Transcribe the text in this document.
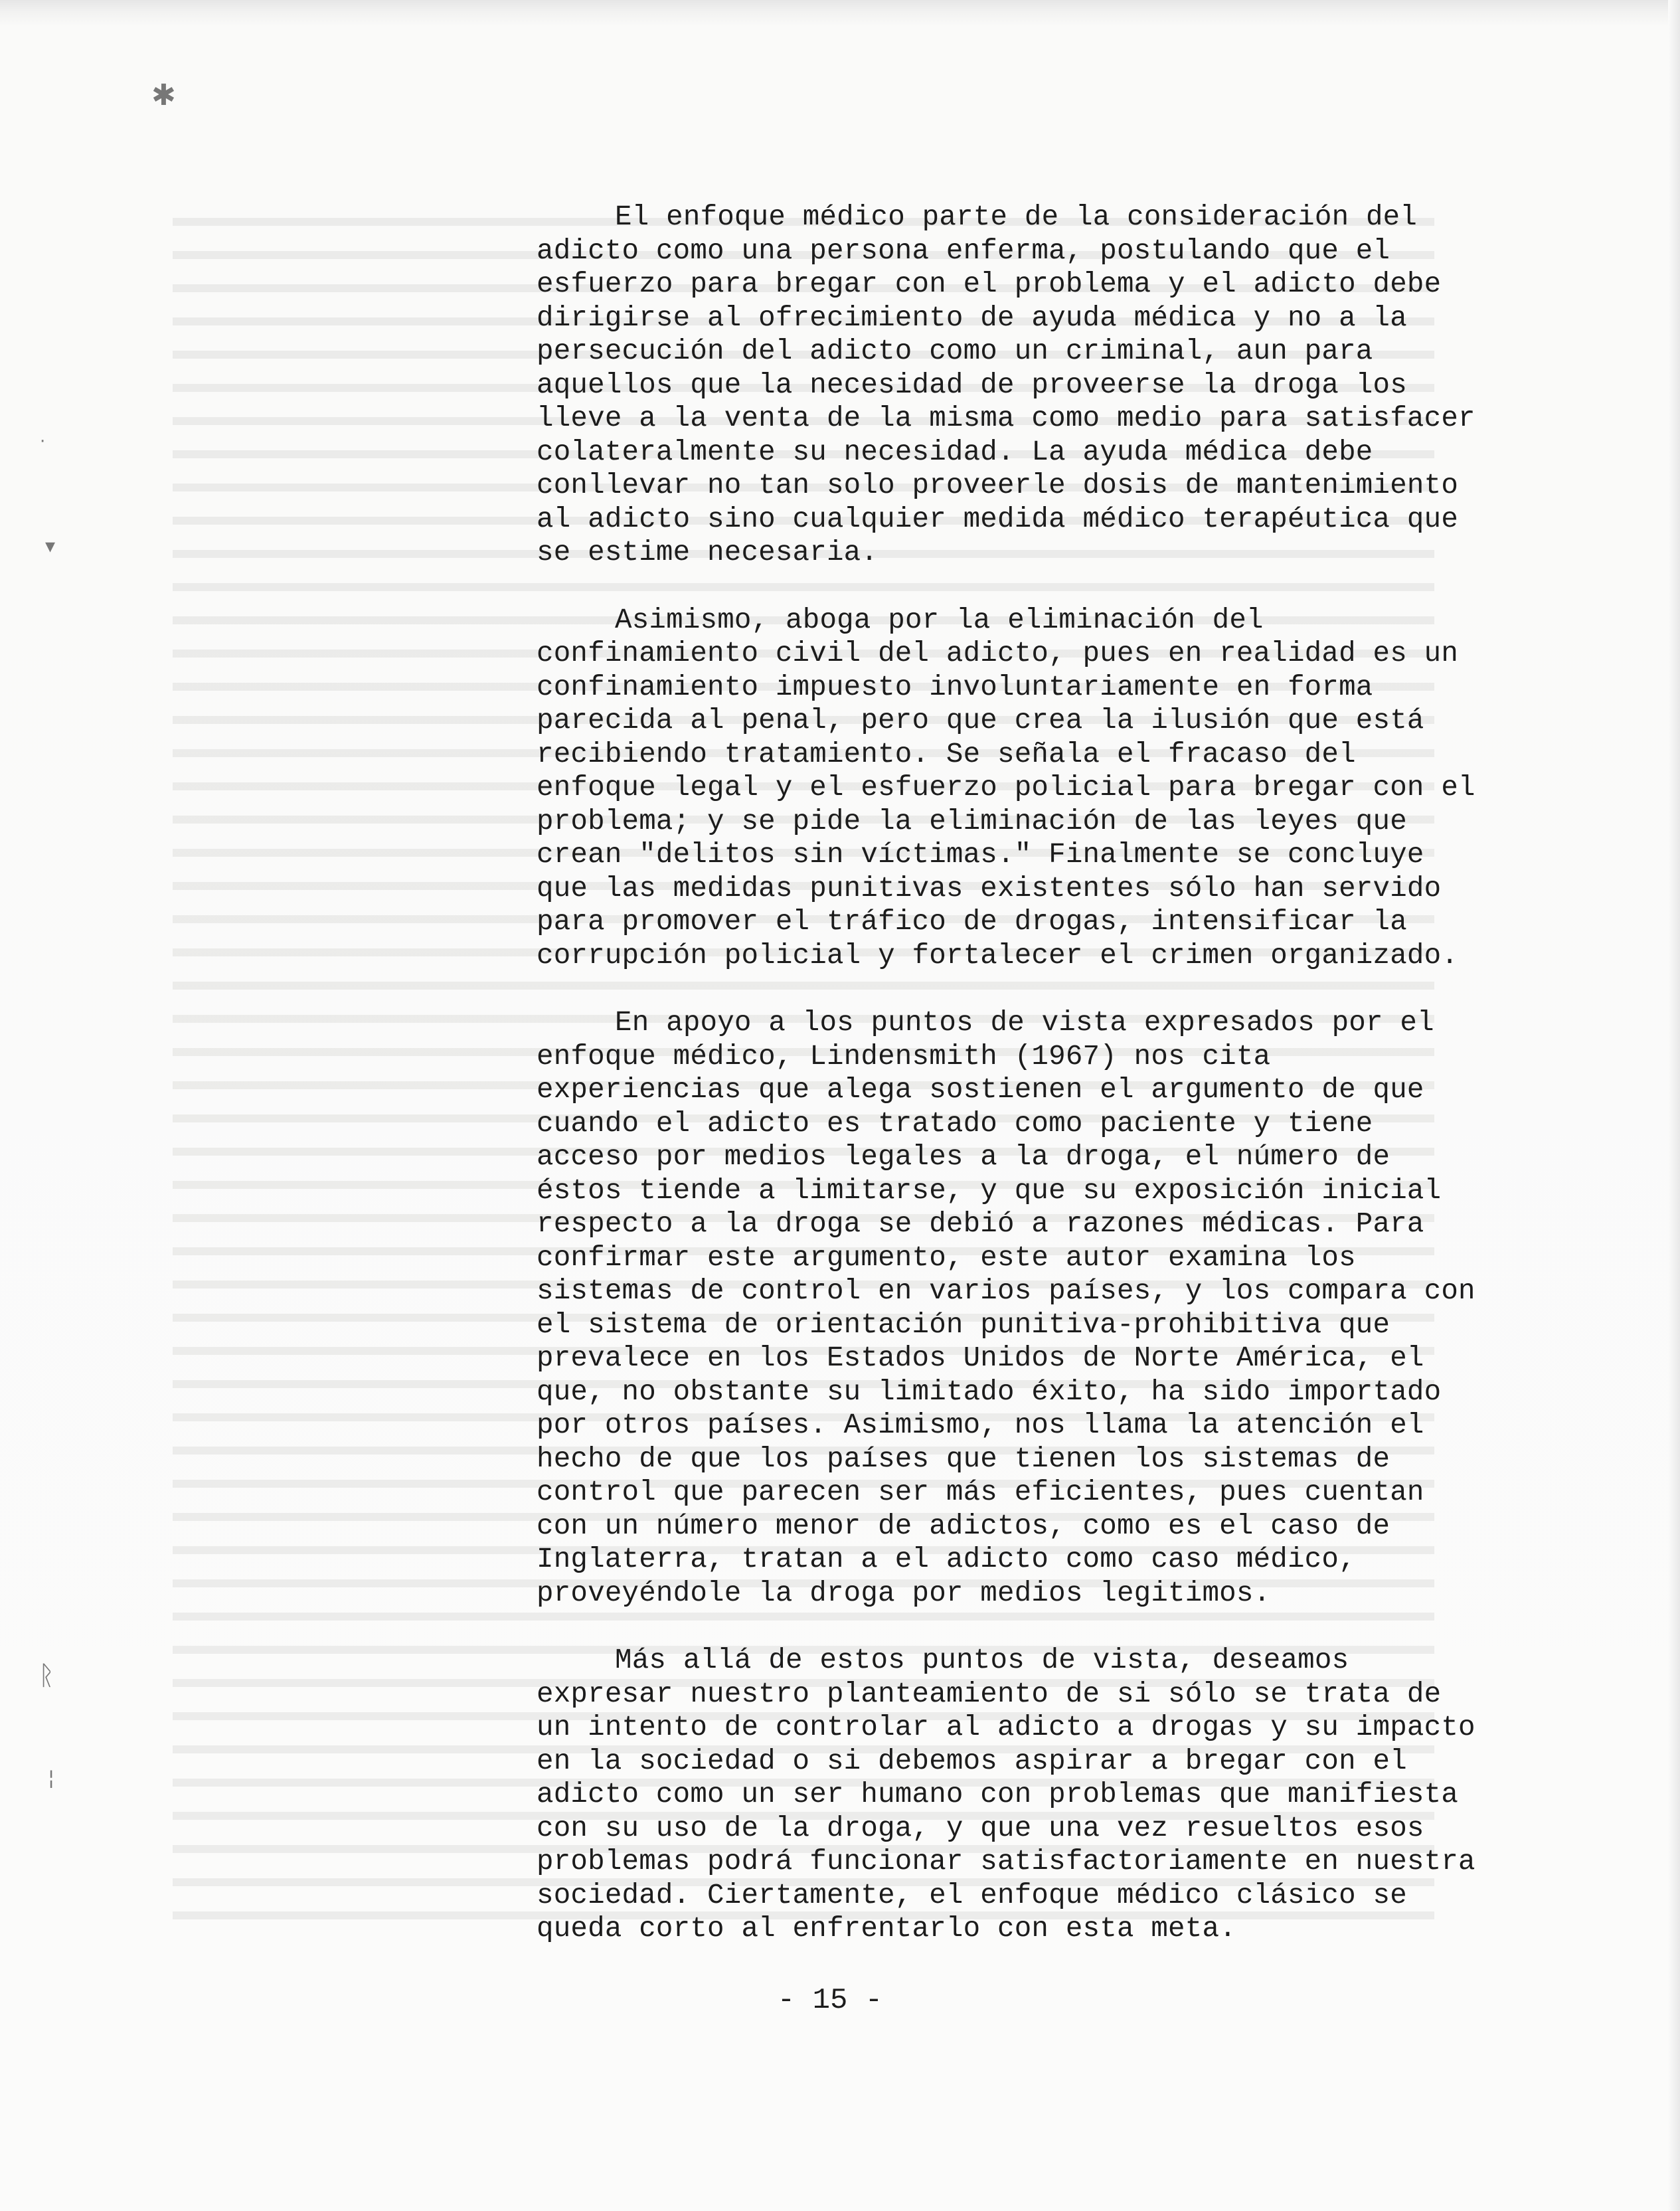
✱
▾
·
ᚱ
¦

El enfoque médico parte de la consideración del adicto como una persona enferma, postulando que el esfuerzo para bregar con el problema y el adicto debe dirigirse al ofrecimiento de ayuda médica y no a la persecución del adicto como un criminal, aun para aquellos que la necesidad de proveerse la droga los lleve a la venta de la misma como medio para satisfacer colateralmente su necesidad. La ayuda médica debe conllevar no tan solo proveerle dosis de mantenimiento al adicto sino cualquier medida médico terapéutica que se estime necesaria.

Asimismo, aboga por la eliminación del confinamiento civil del adicto, pues en realidad es un confinamiento impuesto involuntariamente en forma parecida al penal, pero que crea la ilusión que está recibiendo tratamiento. Se señala el fracaso del enfoque legal y el esfuerzo policial para bregar con el problema; y se pide la eliminación de las leyes que crean "delitos sin víctimas." Finalmente se concluye que las medidas punitivas existentes sólo han servido para promover el tráfico de drogas, intensificar la corrupción policial y fortalecer el crimen organizado.

En apoyo a los puntos de vista expresados por el enfoque médico, Lindensmith (1967) nos cita experiencias que alega sostienen el argumento de que cuando el adicto es tratado como paciente y tiene acceso por medios legales a la droga, el número de éstos tiende a limitarse, y que su exposición inicial respecto a la droga se debió a razones médicas. Para confirmar este argumento, este autor examina los sistemas de control en varios países, y los compara con el sistema de orientación punitiva-prohibitiva que prevalece en los Estados Unidos de Norte América, el que, no obstante su limitado éxito, ha sido importado por otros países. Asimismo, nos llama la atención el hecho de que los países que tienen los sistemas de control que parecen ser más eficientes, pues cuentan con un número menor de adictos, como es el caso de Inglaterra, tratan a el adicto como caso médico, proveyéndole la droga por medios legitimos.

Más allá de estos puntos de vista, deseamos expresar nuestro planteamiento de si sólo se trata de un intento de controlar al adicto a drogas y su impacto en la sociedad o si debemos aspirar a bregar con el adicto como un ser humano con problemas que manifiesta con su uso de la droga, y que una vez resueltos esos problemas podrá funcionar satisfactoriamente en nuestra sociedad. Ciertamente, el enfoque médico clásico se queda corto al enfrentarlo con esta meta.

- 15 -
